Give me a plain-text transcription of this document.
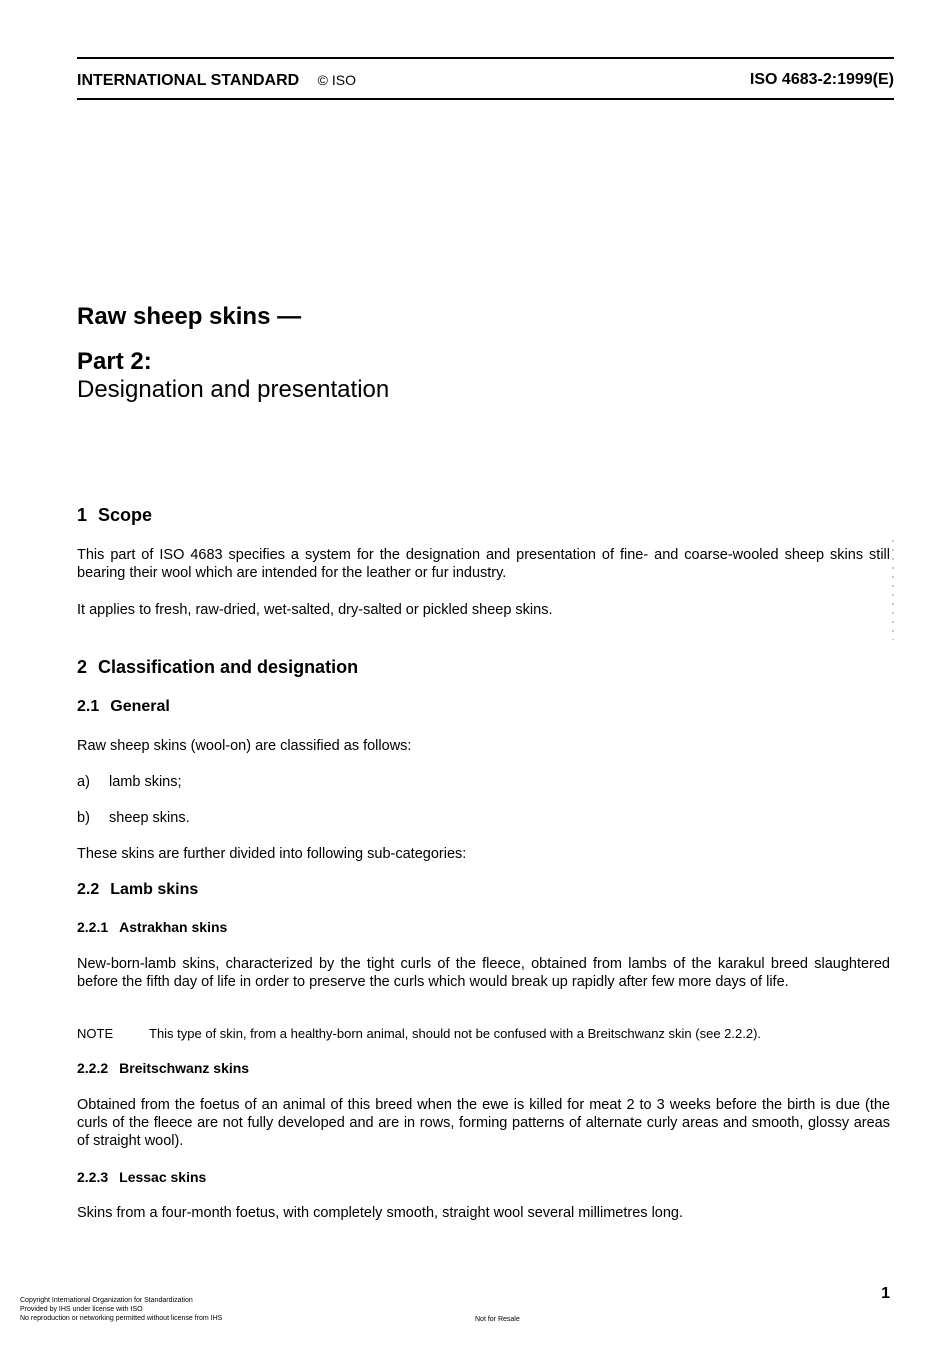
INTERNATIONAL STANDARD © ISO	ISO 4683-2:1999(E)
Raw sheep skins —
Part 2:
Designation and presentation
1 Scope
This part of ISO 4683 specifies a system for the designation and presentation of fine- and coarse-wooled sheep skins still bearing their wool which are intended for the leather or fur industry.
It applies to fresh, raw-dried, wet-salted, dry-salted or pickled sheep skins.
2 Classification and designation
2.1 General
Raw sheep skins (wool-on) are classified as follows:
a) lamb skins;
b) sheep skins.
These skins are further divided into following sub-categories:
2.2 Lamb skins
2.2.1 Astrakhan skins
New-born-lamb skins, characterized by the tight curls of the fleece, obtained from lambs of the karakul breed slaughtered before the fifth day of life in order to preserve the curls which would break up rapidly after few more days of life.
NOTE	This type of skin, from a healthy-born animal, should not be confused with a Breitschwanz skin (see 2.2.2).
2.2.2 Breitschwanz skins
Obtained from the foetus of an animal of this breed when the ewe is killed for meat 2 to 3 weeks before the birth is due (the curls of the fleece are not fully developed and are in rows, forming patterns of alternate curly areas and smooth, glossy areas of straight wool).
2.2.3 Lessac skins
Skins from a four-month foetus, with completely smooth, straight wool several millimetres long.
1
Copyright International Organization for Standardization
Provided by IHS under license with ISO
No reproduction or networking permitted without license from IHS	Not for Resale
